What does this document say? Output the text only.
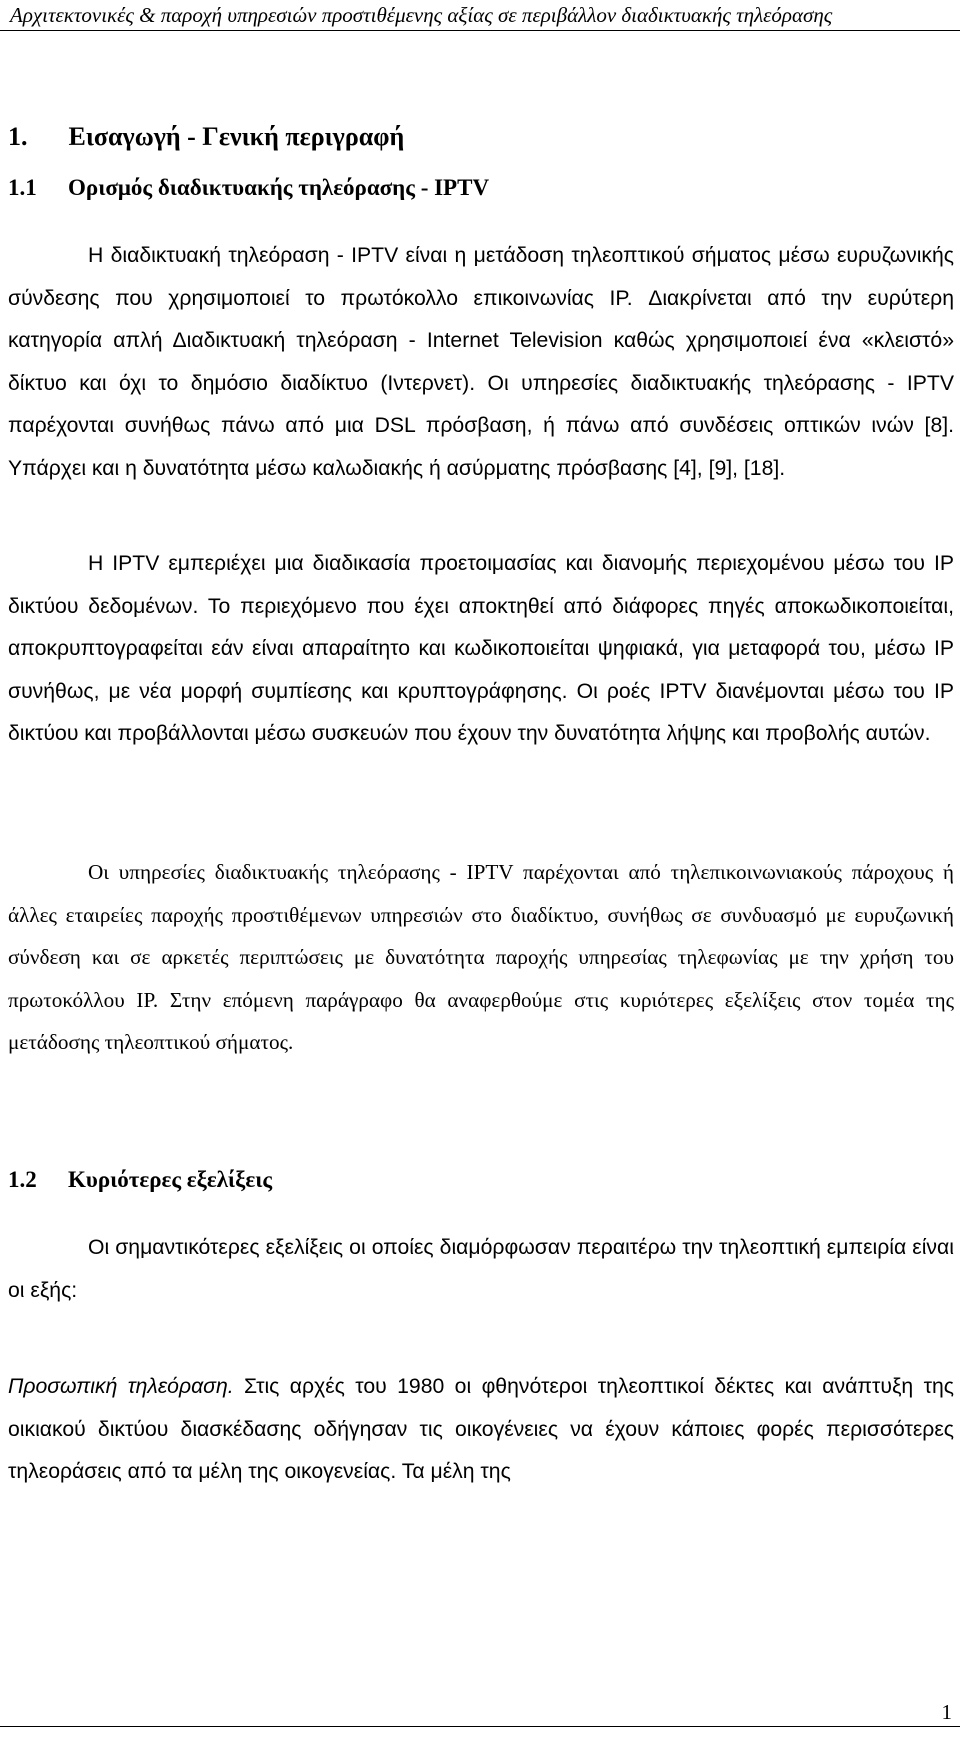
Αρχιτεκτονικές & παροχή υπηρεσιών προστιθέμενης αξίας σε περιβάλλον διαδικτυακής τηλεόρασης
1. Εισαγωγή - Γενική περιγραφή
1.1 Ορισμός διαδικτυακής τηλεόρασης - IPTV

Η διαδικτυακή τηλεόραση - IPTV είναι η μετάδοση τηλεοπτικού σήματος μέσω ευρυζωνικής σύνδεσης που χρησιμοποιεί το πρωτόκολλο επικοινωνίας IP. Διακρίνεται από την ευρύτερη κατηγορία απλή Διαδικτυακή τηλεόραση - Internet Television καθώς χρησιμοποιεί ένα «κλειστό» δίκτυο και όχι το δημόσιο διαδίκτυο (Ιντερνετ). Οι υπηρεσίες διαδικτυακής τηλεόρασης - IPTV παρέχονται συνήθως πάνω από μια DSL πρόσβαση, ή πάνω από συνδέσεις οπτικών ινών [8]. Υπάρχει και η δυνατότητα μέσω καλωδιακής ή ασύρματης πρόσβασης [4], [9], [18].

Η IPTV εμπεριέχει μια διαδικασία προετοιμασίας και διανομής περιεχομένου μέσω του IP δικτύου δεδομένων. Το περιεχόμενο που έχει αποκτηθεί από διάφορες πηγές αποκωδικοποιείται, αποκρυπτογραφείται εάν είναι απαραίτητο και κωδικοποιείται ψηφιακά, για μεταφορά του, μέσω IP συνήθως, με νέα μορφή συμπίεσης και κρυπτογράφησης. Οι ροές IPTV διανέμονται μέσω του IP δικτύου και προβάλλονται μέσω συσκευών που έχουν την δυνατότητα λήψης και προβολής αυτών.

Οι υπηρεσίες διαδικτυακής τηλεόρασης - IPTV παρέχονται από τηλεπικοινωνιακούς πάροχους ή άλλες εταιρείες παροχής προστιθέμενων υπηρεσιών στο διαδίκτυο, συνήθως σε συνδυασμό με ευρυζωνική σύνδεση και σε αρκετές περιπτώσεις με δυνατότητα παροχής υπηρεσίας τηλεφωνίας με την χρήση του πρωτοκόλλου IP. Στην επόμενη παράγραφο θα αναφερθούμε στις κυριότερες εξελίξεις στον τομέα της μετάδοσης τηλεοπτικού σήματος.

1.2 Κυριότερες εξελίξεις

Οι σημαντικότερες εξελίξεις οι οποίες διαμόρφωσαν περαιτέρω την τηλεοπτική εμπειρία είναι οι εξής:

Προσωπική τηλεόραση. Στις αρχές του 1980 οι φθηνότεροι τηλεοπτικοί δέκτες και ανάπτυξη της οικιακού δικτύου διασκέδασης οδήγησαν τις οικογένειες να έχουν κάποιες φορές περισσότερες τηλεοράσεις από τα μέλη της οικογενείας. Τα μέλη της

1
